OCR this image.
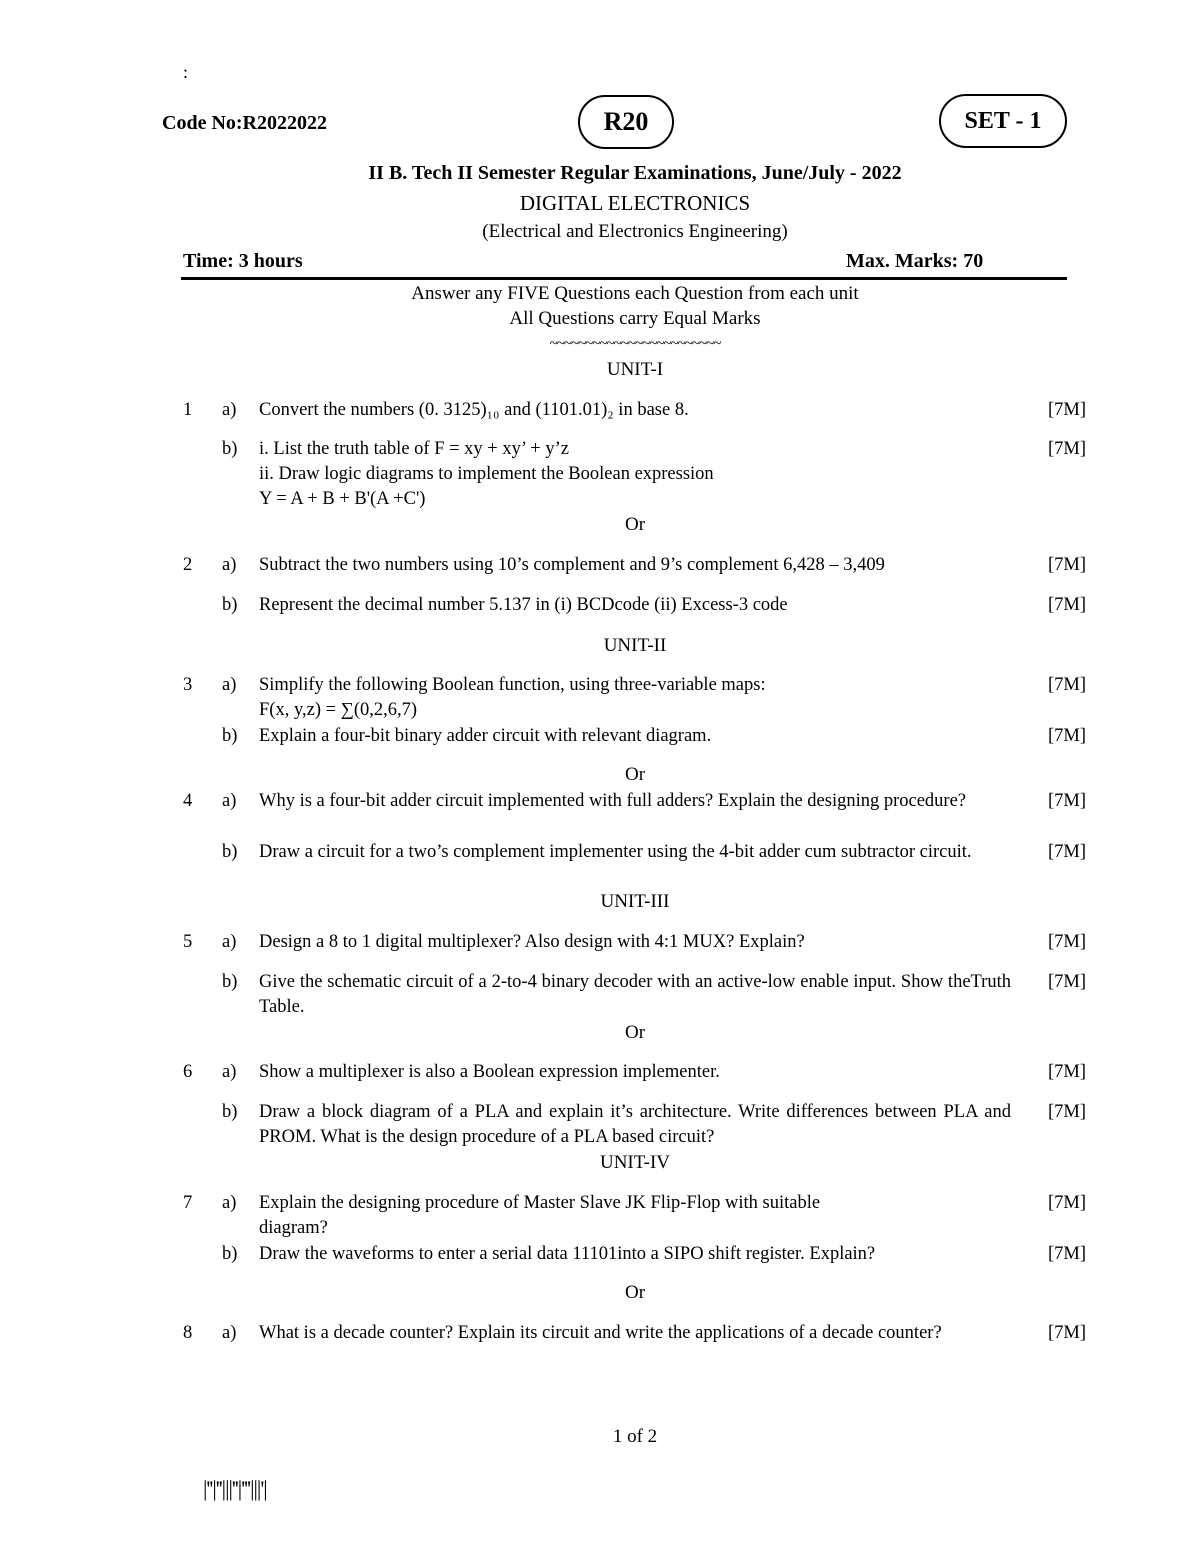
:
Code No:R2022022	R20	SET - 1
II B. Tech II Semester Regular Examinations, June/July - 2022
DIGITAL ELECTRONICS
(Electrical and Electronics Engineering)
Time: 3 hours	Max. Marks: 70
Answer any FIVE Questions each Question from each unit
All Questions carry Equal Marks
~~~~~~~~~~~~~~~~~~~~~~~~
UNIT-I
1 a) Convert the numbers (0. 3125)₁₀ and (1101.01)₂ in base 8.	[7M]
b) i. List the truth table of F = xy + xy’ + y’z
ii. Draw logic diagrams to implement the Boolean expression
Y = A + B + B'(A +C')
[7M]
Or
2 a) Subtract the two numbers using 10’s complement and 9’s complement 6,428 – 3,409	[7M]
b) Represent the decimal number 5.137 in (i) BCDcode (ii) Excess-3 code	[7M]
UNIT-II
3 a) Simplify the following Boolean function, using three-variable maps:
F(x, y,z) = ∑(0,2,6,7)
[7M]
b) Explain a four-bit binary adder circuit with relevant diagram.	[7M]
Or
4 a) Why is a four-bit adder circuit implemented with full adders? Explain the designing procedure?	[7M]
b) Draw a circuit for a two’s complement implementer using the 4-bit adder cum subtractor circuit.	[7M]
UNIT-III
5 a) Design a 8 to 1 digital multiplexer? Also design with 4:1 MUX? Explain?	[7M]
b) Give the schematic circuit of a 2-to-4 binary decoder with an active-low enable input. Show theTruth Table.
[7M]
Or
6 a) Show a multiplexer is also a Boolean expression implementer.	[7M]
b) Draw a block diagram of a PLA and explain it’s architecture. Write differences between PLA and PROM. What is the design procedure of a PLA based circuit?
[7M]
UNIT-IV
7 a) Explain the designing procedure of Master Slave JK Flip-Flop with suitable
diagram?
[7M]
b) Draw the waveforms to enter a serial data 11101into a SIPO shift register. Explain?	[7M]
Or
8 a) What is a decade counter? Explain its circuit and write the applications of a decade counter?	[7M]
1 of 2
|''|''|||''|'''|||'|
